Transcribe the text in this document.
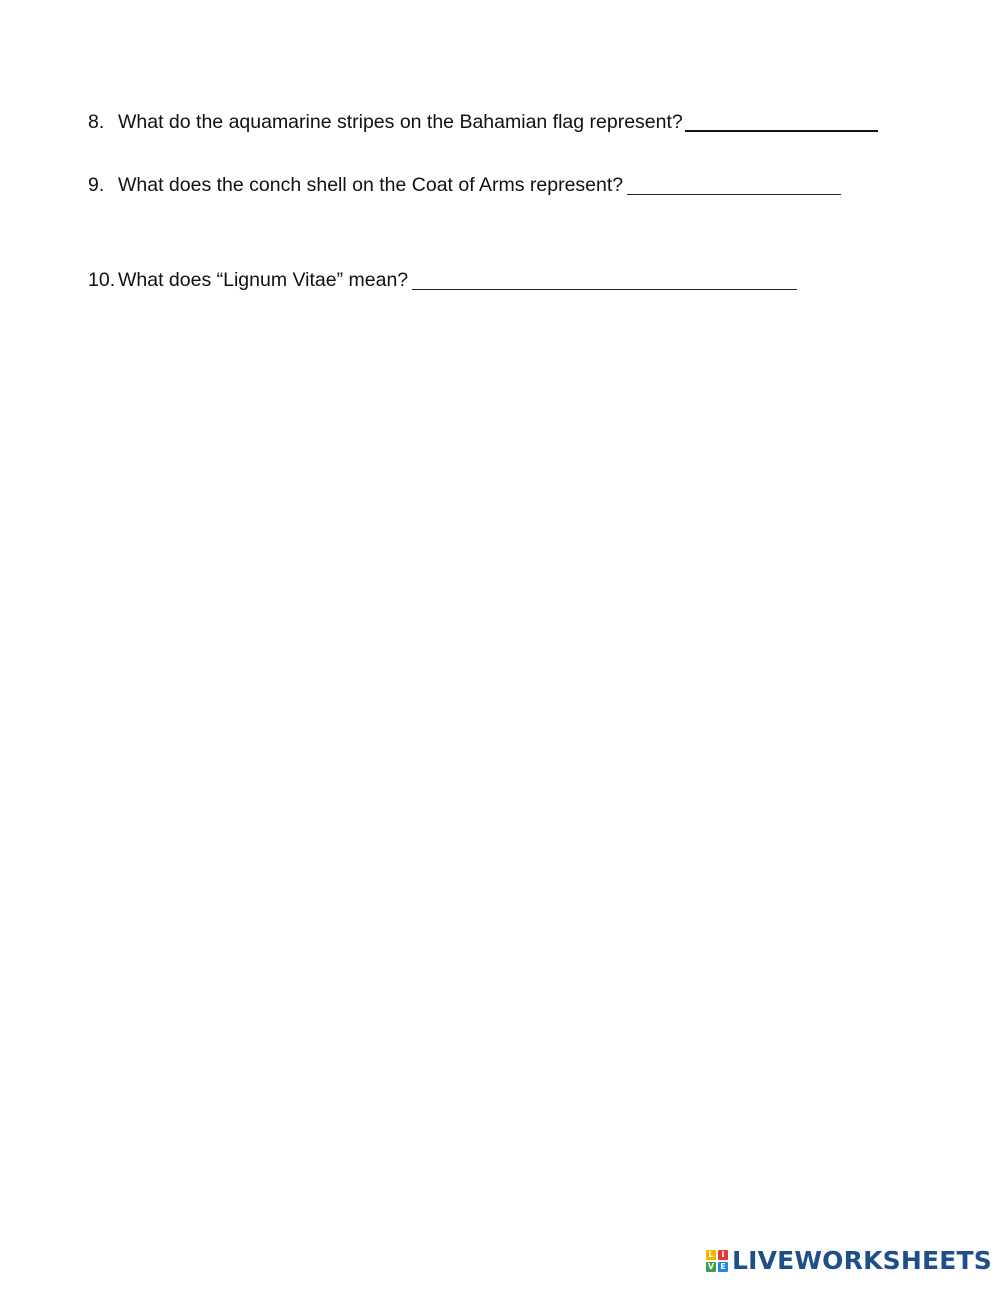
8. What do the aquamarine stripes on the Bahamian flag represent?
9. What does the conch shell on the Coat of Arms represent?
10. What does “Lignum Vitae” mean?
L I
V E LIVEWORKSHEETS
